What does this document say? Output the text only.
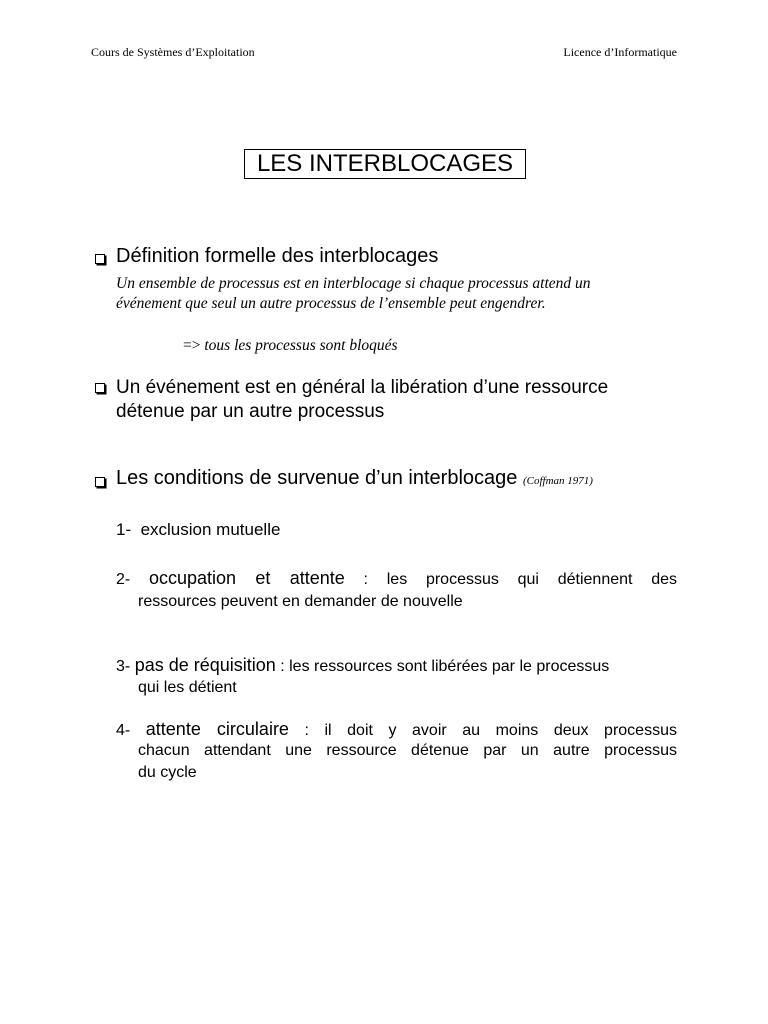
Cours de Systèmes d’Exploitation	Licence d’Informatique
LES INTERBLOCAGES
Définition formelle des interblocages
Un ensemble de processus est en interblocage si chaque processus attend un
événement que seul un autre processus de l’ensemble peut engendrer.
=> tous les processus sont bloqués
Un événement est en général la libération d’une ressource
détenue par un autre processus
Les conditions de survenue d’un interblocage (Coffman 1971)
1- exclusion mutuelle
2- occupation et attente : les processus qui détiennent des
ressources peuvent en demander de nouvelle
3- pas de réquisition : les ressources sont libérées par le processus
qui les détient
4- attente circulaire : il doit y avoir au moins deux processus
chacun attendant une ressource détenue par un autre processus
du cycle
